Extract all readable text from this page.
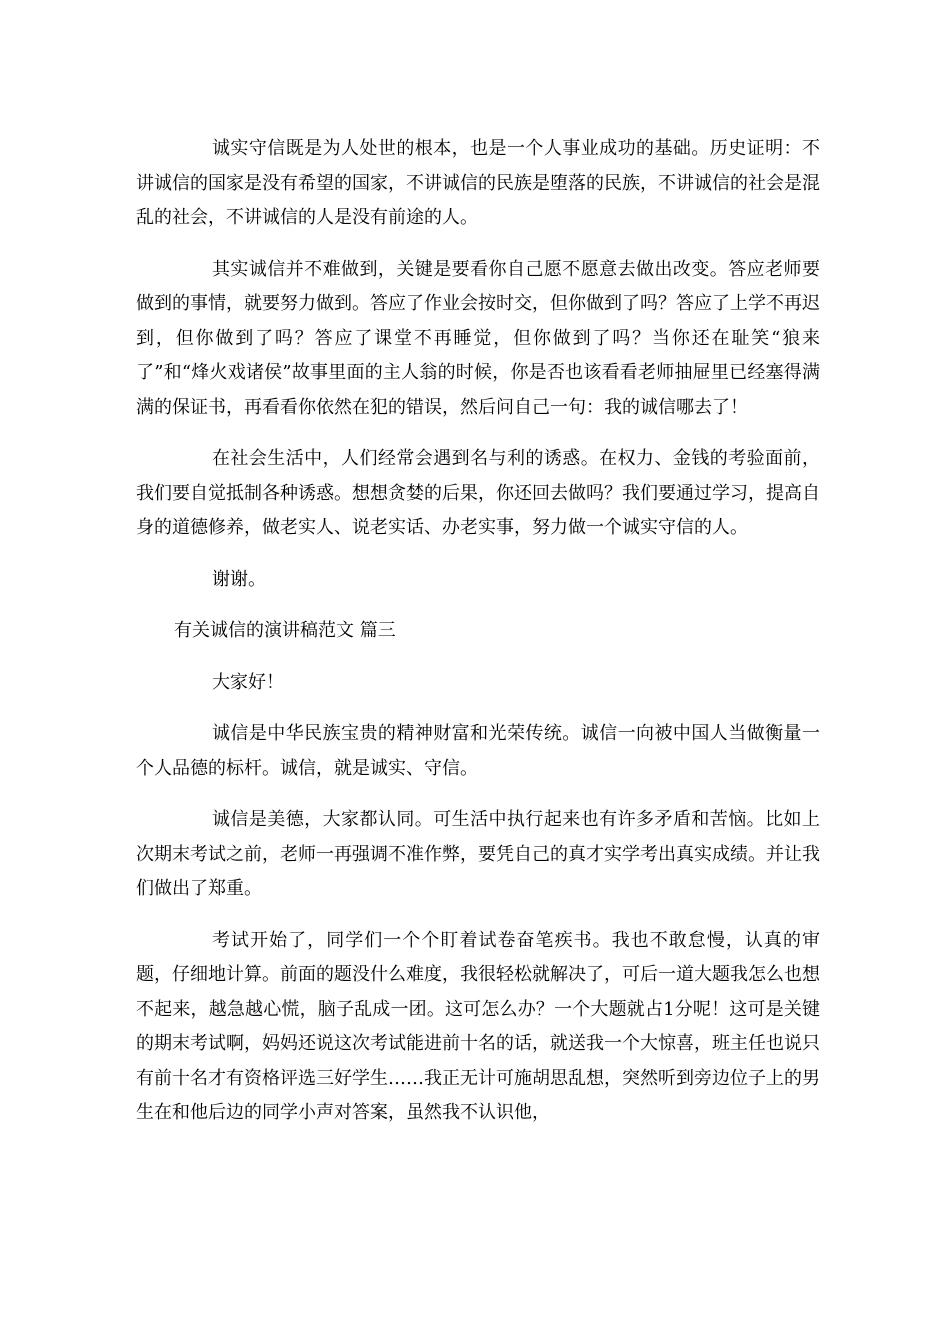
诚实守信既是为人处世的根本，也是一个人事业成功的基础。历史证明：不讲诚信的国家是没有希望的国家，不讲诚信的民族是堕落的民族，不讲诚信的社会是混乱的社会，不讲诚信的人是没有前途的人。

其实诚信并不难做到，关键是要看你自己愿不愿意去做出改变。答应老师要做到的事情，就要努力做到。答应了作业会按时交，但你做到了吗？答应了上学不再迟到，但你做到了吗？答应了课堂不再睡觉，但你做到了吗？当你还在耻笑“狼来了”和“烽火戏诸侯”故事里面的主人翁的时候，你是否也该看看老师抽屉里已经塞得满满的保证书，再看看你依然在犯的错误，然后问自己一句：我的诚信哪去了！

在社会生活中，人们经常会遇到名与利的诱惑。在权力、金钱的考验面前，我们要自觉抵制各种诱惑。想想贪婪的后果，你还回去做吗？我们要通过学习，提高自身的道德修养，做老实人、说老实话、办老实事，努力做一个诚实守信的人。

谢谢。

有关诚信的演讲稿范文 篇三

大家好！

诚信是中华民族宝贵的精神财富和光荣传统。诚信一向被中国人当做衡量一个人品德的标杆。诚信，就是诚实、守信。

诚信是美德，大家都认同。可生活中执行起来也有许多矛盾和苦恼。比如上次期末考试之前，老师一再强调不准作弊，要凭自己的真才实学考出真实成绩。并让我们做出了郑重。

考试开始了，同学们一个个盯着试卷奋笔疾书。我也不敢怠慢，认真的审题，仔细地计算。前面的题没什么难度，我很轻松就解决了，可后一道大题我怎么也想不起来，越急越心慌，脑子乱成一团。这可怎么办？一个大题就占1分呢！这可是关键的期末考试啊，妈妈还说这次考试能进前十名的话，就送我一个大惊喜，班主任也说只有前十名才有资格评选三好学生……我正无计可施胡思乱想，突然听到旁边位子上的男生在和他后边的同学小声对答案，虽然我不认识他，
